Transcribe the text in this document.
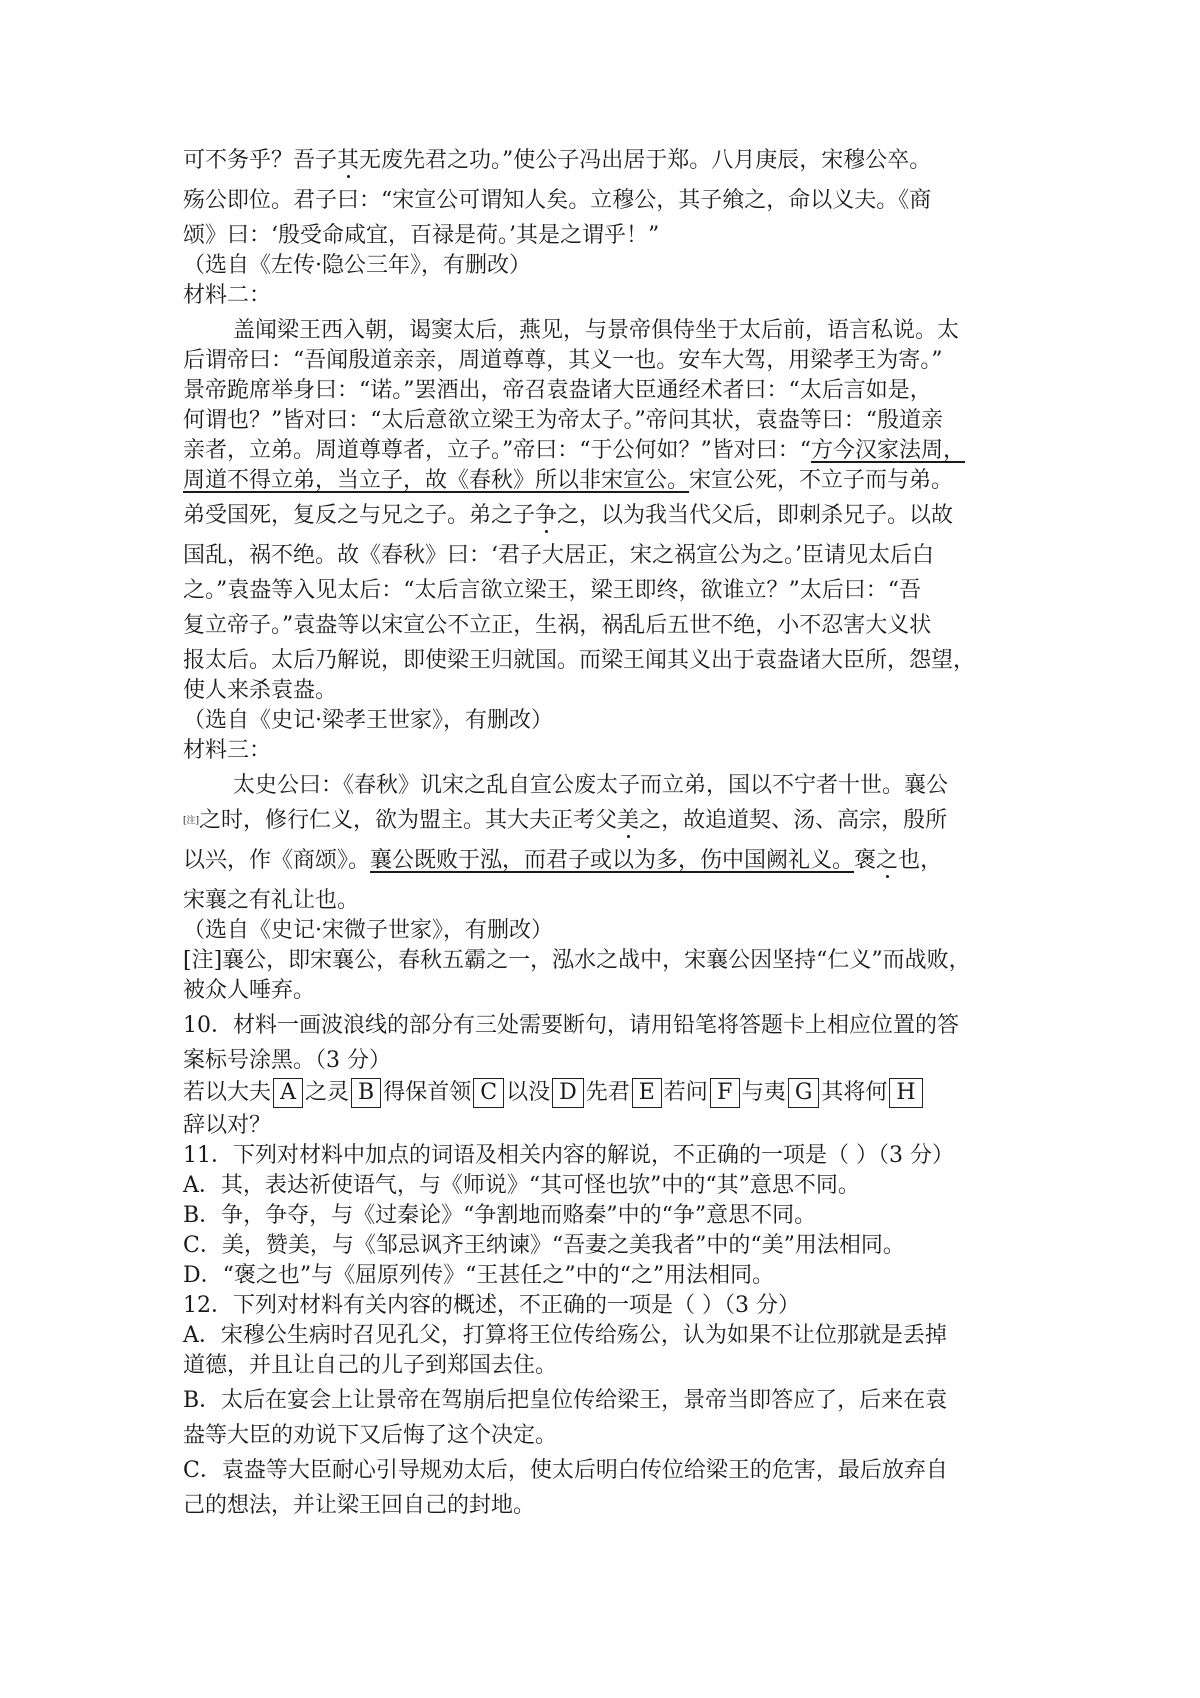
可不务乎？吾子其无废先君之功。”使公子冯出居于郑。八月庚辰，宋穆公卒。
殇公即位。君子曰：“宋宣公可谓知人矣。立穆公，其子飨之，命以义夫。《商
颂》曰：‘殷受命咸宜，百禄是荷。’其是之谓乎！”
（选自《左传·隐公三年》，有删改）
材料二：
盖闻梁王西入朝，谒窦太后，燕见，与景帝俱侍坐于太后前，语言私说。太
后谓帝曰：“吾闻殷道亲亲，周道尊尊，其义一也。安车大驾，用梁孝王为寄。”
景帝跪席举身曰：“诺。”罢酒出，帝召袁盎诸大臣通经术者曰：“太后言如是，
何谓也？”皆对曰：“太后意欲立梁王为帝太子。”帝问其状，袁盎等曰：“殷道亲
亲者，立弟。周道尊尊者，立子。”帝曰：“于公何如？”皆对曰：“方今汉家法周，
周道不得立弟，当立子，故《春秋》所以非宋宣公。宋宣公死，不立子而与弟。
弟受国死，复反之与兄之子。弟之子争之，以为我当代父后，即刺杀兄子。以故
国乱，祸不绝。故《春秋》曰：‘君子大居正，宋之祸宣公为之。’臣请见太后白
之。”袁盎等入见太后：“太后言欲立梁王，梁王即终，欲谁立？”太后曰：“吾
复立帝子。”袁盎等以宋宣公不立正，生祸，祸乱后五世不绝，小不忍害大义状
报太后。太后乃解说，即使梁王归就国。而梁王闻其义出于袁盎诸大臣所，怨望，
使人来杀袁盎。
（选自《史记·梁孝王世家》，有删改）
材料三：
太史公曰：《春秋》讥宋之乱自宣公废太子而立弟，国以不宁者十世。襄公
[注]之时，修行仁义，欲为盟主。其大夫正考父美之，故追道契、汤、高宗，殷所
以兴，作《商颂》。襄公既败于泓，而君子或以为多，伤中国阙礼义。褒之也，
宋襄之有礼让也。
（选自《史记·宋微子世家》，有删改）
[注]襄公，即宋襄公，春秋五霸之一，泓水之战中，宋襄公因坚持“仁义”而战败，
被众人唾弃。
10．材料一画波浪线的部分有三处需要断句，请用铅笔将答题卡上相应位置的答
案标号涂黑。（3 分）
若以大夫 A 之灵 B 得保首领 C 以没 D 先君 E 若问 F 与夷 G 其将何 H
辞以对？
11．下列对材料中加点的词语及相关内容的解说，不正确的一项是（ ）（3 分）
A．其，表达祈使语气，与《师说》“其可怪也欤”中的“其”意思不同。
B．争，争夺，与《过秦论》“争割地而赂秦”中的“争”意思不同。
C．美，赞美，与《邹忌讽齐王纳谏》“吾妻之美我者”中的“美”用法相同。
D．“褒之也”与《屈原列传》“王甚任之”中的“之”用法相同。
12．下列对材料有关内容的概述，不正确的一项是（ ）（3 分）
A．宋穆公生病时召见孔父，打算将王位传给殇公，认为如果不让位那就是丢掉
道德，并且让自己的儿子到郑国去住。
B．太后在宴会上让景帝在驾崩后把皇位传给梁王，景帝当即答应了，后来在袁
盎等大臣的劝说下又后悔了这个决定。
C．袁盎等大臣耐心引导规劝太后，使太后明白传位给梁王的危害，最后放弃自
己的想法，并让梁王回自己的封地。
